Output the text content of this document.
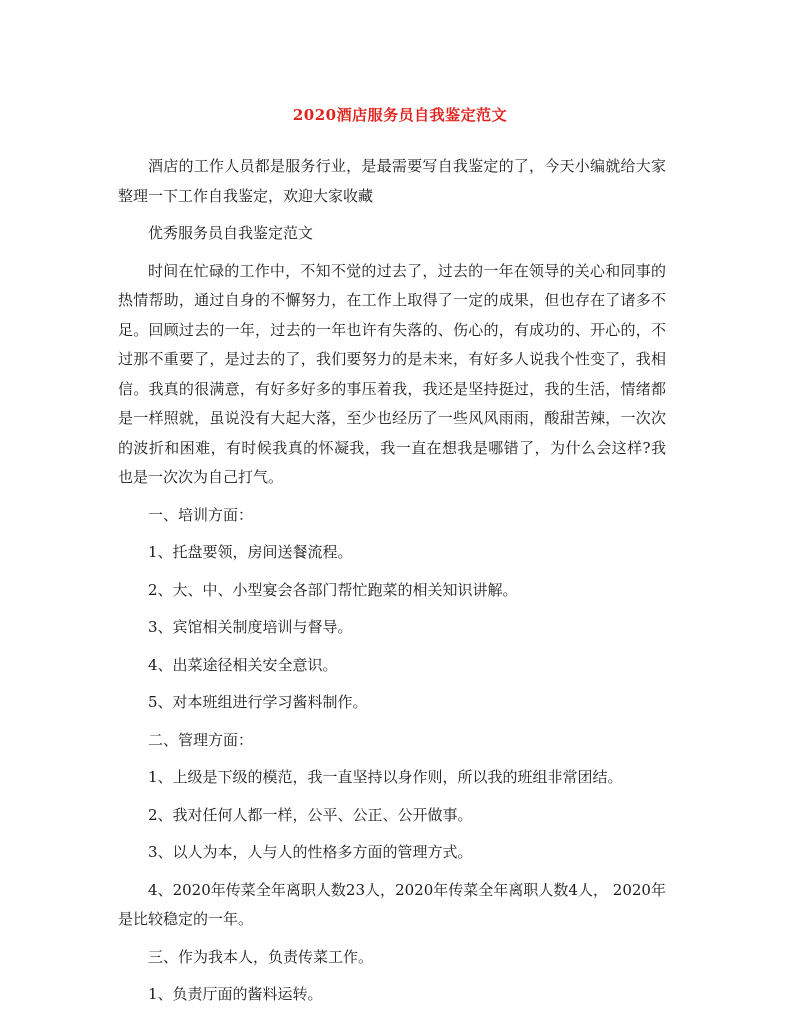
2020酒店服务员自我鉴定范文

酒店的工作人员都是服务行业，是最需要写自我鉴定的了，今天小编就给大家整理一下工作自我鉴定，欢迎大家收藏

优秀服务员自我鉴定范文

时间在忙碌的工作中，不知不觉的过去了，过去的一年在领导的关心和同事的热情帮助，通过自身的不懈努力，在工作上取得了一定的成果，但也存在了诸多不足。回顾过去的一年，过去的一年也许有失落的、伤心的，有成功的、开心的，不过那不重要了，是过去的了，我们要努力的是未来，有好多人说我个性变了，我相信。我真的很满意，有好多好多的事压着我，我还是坚持挺过，我的生活，情绪都是一样照就，虽说没有大起大落，至少也经历了一些风风雨雨，酸甜苦辣，一次次的波折和困难，有时候我真的怀凝我，我一直在想我是哪错了，为什么会这样?我也是一次次为自己打气。

一、培训方面：

1、托盘要领，房间送餐流程。

2、大、中、小型宴会各部门帮忙跑菜的相关知识讲解。

3、宾馆相关制度培训与督导。

4、出菜途径相关安全意识。

5、对本班组进行学习酱料制作。

二、管理方面：

1、上级是下级的模范，我一直坚持以身作则，所以我的班组非常团结。

2、我对任何人都一样，公平、公正、公开做事。

3、以人为本，人与人的性格多方面的管理方式。

4、2020年传菜全年离职人数23人，2020年传菜全年离职人数4人， 2020年是比较稳定的一年。

三、作为我本人，负责传菜工作。

1、负责厅面的酱料运转。
